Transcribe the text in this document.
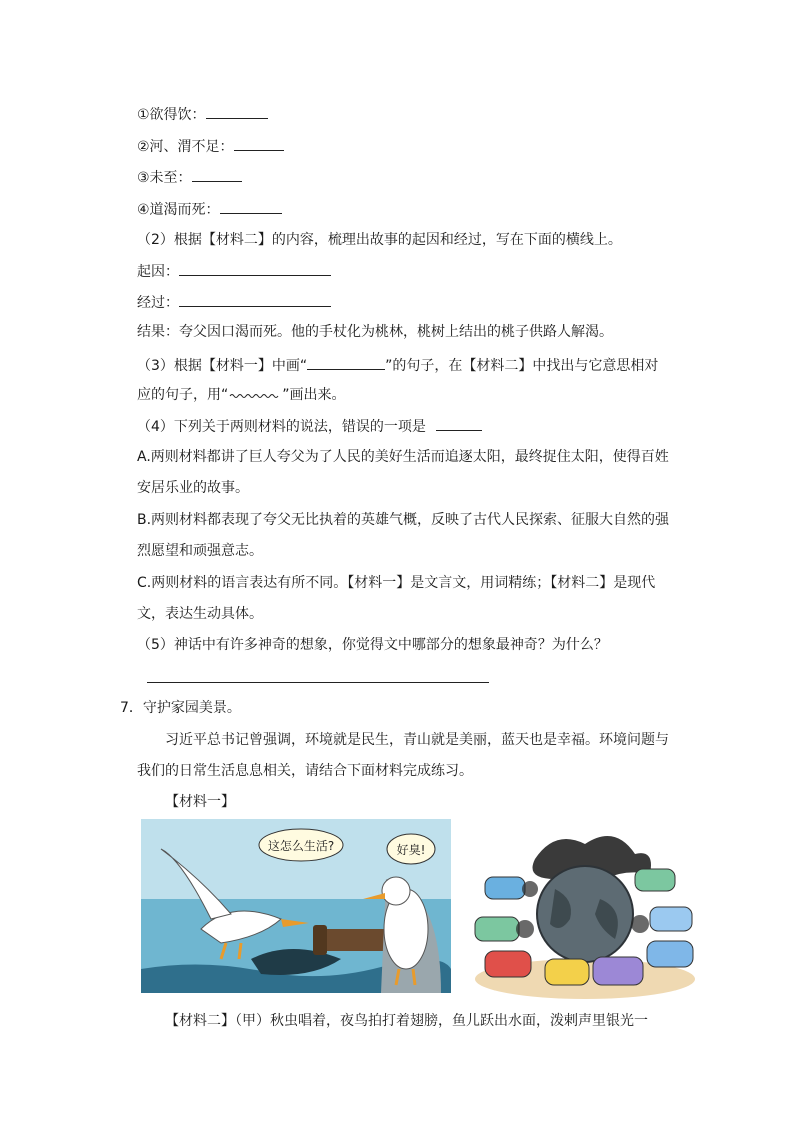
①欲得饮：
②河、渭不足：
③未至：
④道渴而死：
（2）根据【材料二】的内容，梳理出故事的起因和经过，写在下面的横线上。
起因：
经过：
结果：夸父因口渴而死。他的手杖化为桃林，桃树上结出的桃子供路人解渴。
（3）根据【材料一】中画“	”的句子，在【材料二】中找出与它意思相对
应的句子，用“	”画出来。
（4）下列关于两则材料的说法，错误的一项是
A.两则材料都讲了巨人夸父为了人民的美好生活而追逐太阳，最终捉住太阳，使得百姓
安居乐业的故事。
B.两则材料都表现了夸父无比执着的英雄气概，反映了古代人民探索、征服大自然的强
烈愿望和顽强意志。
C.两则材料的语言表达有所不同。【材料一】是文言文，用词精练；【材料二】是现代
文，表达生动具体。
（5）神话中有许多神奇的想象，你觉得文中哪部分的想象最神奇？为什么？
7．守护家园美景。
习近平总书记曾强调，环境就是民生，青山就是美丽，蓝天也是幸福。环境问题与
我们的日常生活息息相关，请结合下面材料完成练习。
【材料一】
这怎么生活?	好臭!
【材料二】（甲）秋虫唱着，夜鸟拍打着翅膀，鱼儿跃出水面，泼剌声里银光一
